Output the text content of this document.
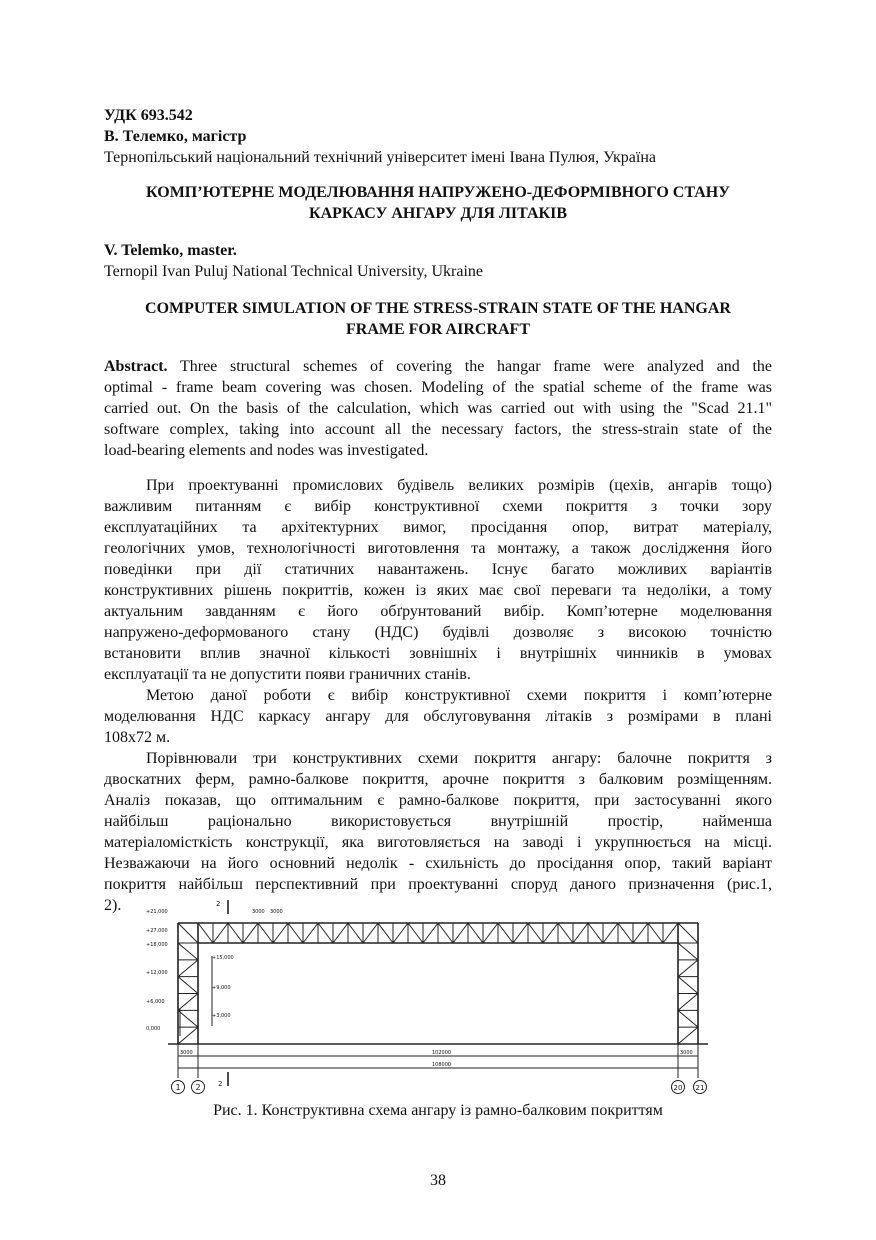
УДК 693.542
В. Телемко, магістр
Тернопільський національний технічний університет імені Івана Пулюя, Україна
КОМП’ЮТЕРНЕ МОДЕЛЮВАННЯ НАПРУЖЕНО-ДЕФОРМІВНОГО СТАНУ
КАРКАСУ АНГАРУ ДЛЯ ЛІТАКІВ
V. Telemko, master.
Ternopil Ivan Puluj National Technical University, Ukraine
COMPUTER SIMULATION OF THE STRESS-STRAIN STATE OF THE HANGAR
FRAME FOR AIRCRAFT
Abstract. Three structural schemes of covering the hangar frame were analyzed and the
optimal - frame beam covering was chosen. Modeling of the spatial scheme of the frame was
carried out. On the basis of the calculation, which was carried out with using the "Scad 21.1"
software complex, taking into account all the necessary factors, the stress-strain state of the
load-bearing elements and nodes was investigated.
При проектуванні промислових будівель великих розмірів (цехів, ангарів тощо)
важливим питанням є вибір конструктивної схеми покриття з точки зору
експлуатаційних та архітектурних вимог, просідання опор, витрат матеріалу,
геологічних умов, технологічності виготовлення та монтажу, а також дослідження його
поведінки при дії статичних навантажень. Існує багато можливих варіантів
конструктивних рішень покриттів, кожен із яких має свої переваги та недоліки, а тому
актуальним завданням є його обґрунтований вибір. Комп’ютерне моделювання
напружено-деформованого стану (НДС) будівлі дозволяє з високою точністю
встановити вплив значної кількості зовнішніх і внутрішніх чинників в умовах
експлуатації та не допустити появи граничних станів.
Метою даної роботи є вибір конструктивної схеми покриття і комп’ютерне
моделювання НДС каркасу ангару для обслуговування літаків з розмірами в плані
108х72 м.
Порівнювали три конструктивних схеми покриття ангару: балочне покриття з
двоскатних ферм, рамно-балкове покриття, арочне покриття з балковим розміщенням.
Аналіз показав, що оптимальним є рамно-балкове покриття, при застосуванні якого
найбільш раціонально використовується внутрішній простір, найменша
матеріаломісткість конструкції, яка виготовляється на заводі і укрупнюється на місці.
Незважаючи на його основний недолік - схильність до просідання опор, такий варіант
покриття найбільш перспективний при проектуванні споруд даного призначення (рис.1,
2).	+21,000
+27,000
+18,000
+15,000
+12,000
+9,000
+6,000
+3,000
0,000
3000 3000
3000	3000
102000
108000
2
2
1 2	20 21
Рис. 1. Конструктивна схема ангару із рамно-балковим покриттям
38
